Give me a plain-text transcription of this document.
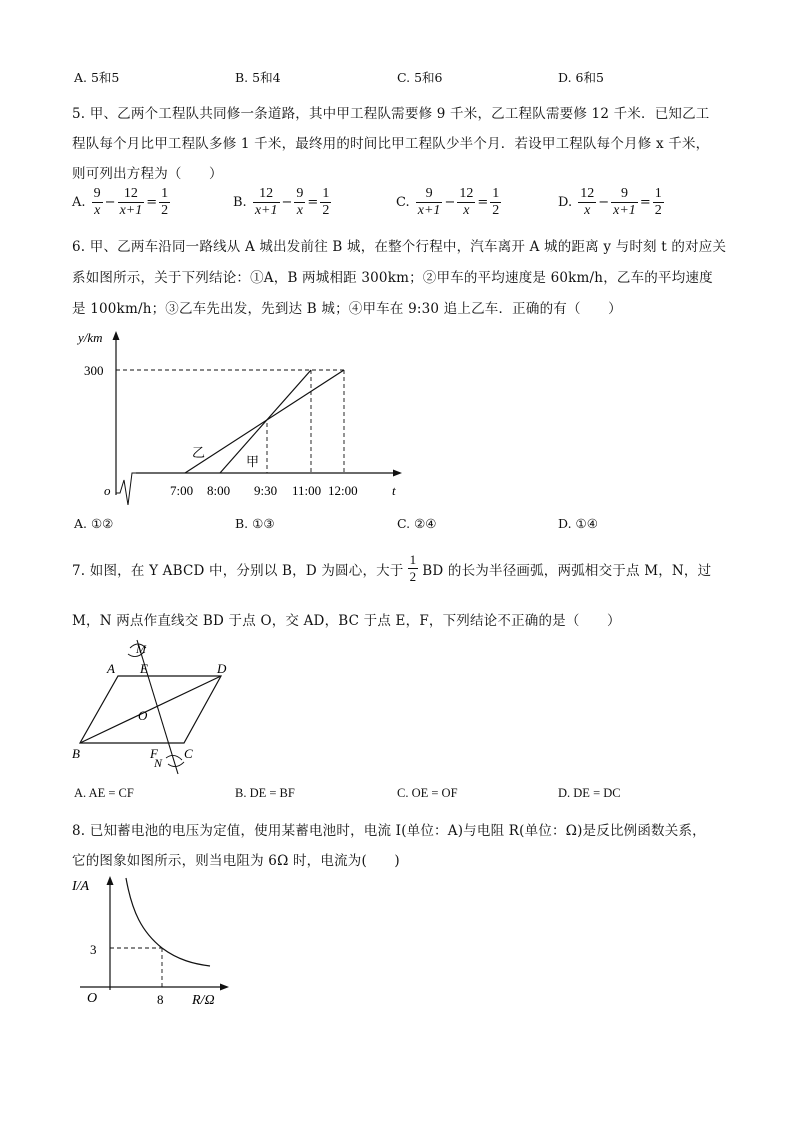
A. 5和5	B. 5和4	C. 5和6	D. 6和5
5. 甲、乙两个工程队共同修一条道路，其中甲工程队需要修 9 千米，乙工程队需要修 12 千米．已知乙工
程队每个月比甲工程队多修 1 千米，最终用的时间比甲工程队少半个月．若设甲工程队每个月修 x 千米，
则可列出方程为（　　）
A. $\frac{9}{x} - \frac{12}{x+1} = \frac{1}{2}$	B. $\frac{12}{x+1} - \frac{9}{x} = \frac{1}{2}$	C. $\frac{9}{x+1} - \frac{12}{x} = \frac{1}{2}$	D. $\frac{12}{x} - \frac{9}{x+1} = \frac{1}{2}$
6. 甲、乙两车沿同一路线从 A 城出发前往 B 城，在整个行程中，汽车离开 A 城的距离 y 与时刻 t 的对应关
系如图所示，关于下列结论：①A，B 两城相距 300km；②甲车的平均速度是 60km/h，乙车的平均速度
是 100km/h；③乙车先出发，先到达 B 城；④甲车在 9:30 追上乙车．正确的有（　　）
y/km
300
o	t
7:00 8:00 9:30 11:00 12:00
乙
甲
A. ①②	B. ①③	C. ②④	D. ①④
7. 如图，在 Y ABCD 中，分别以 B，D 为圆心，大于 $\frac{1}{2}$ BD 的长为半径画弧，两弧相交于点 M，N，过
M，N 两点作直线交 BD 于点 O，交 AD，BC 于点 E，F，下列结论不正确的是（　　）
A E	D
M
O
B	F C
N
A. AE = CF	B. DE = BF	C. OE = OF	D. DE = DC
8. 已知蓄电池的电压为定值，使用某蓄电池时，电流 I(单位：A)与电阻 R(单位：Ω)是反比例函数关系，
它的图象如图所示，则当电阻为 6Ω 时，电流为(　　)
I/A
3
O	8 R/Ω
